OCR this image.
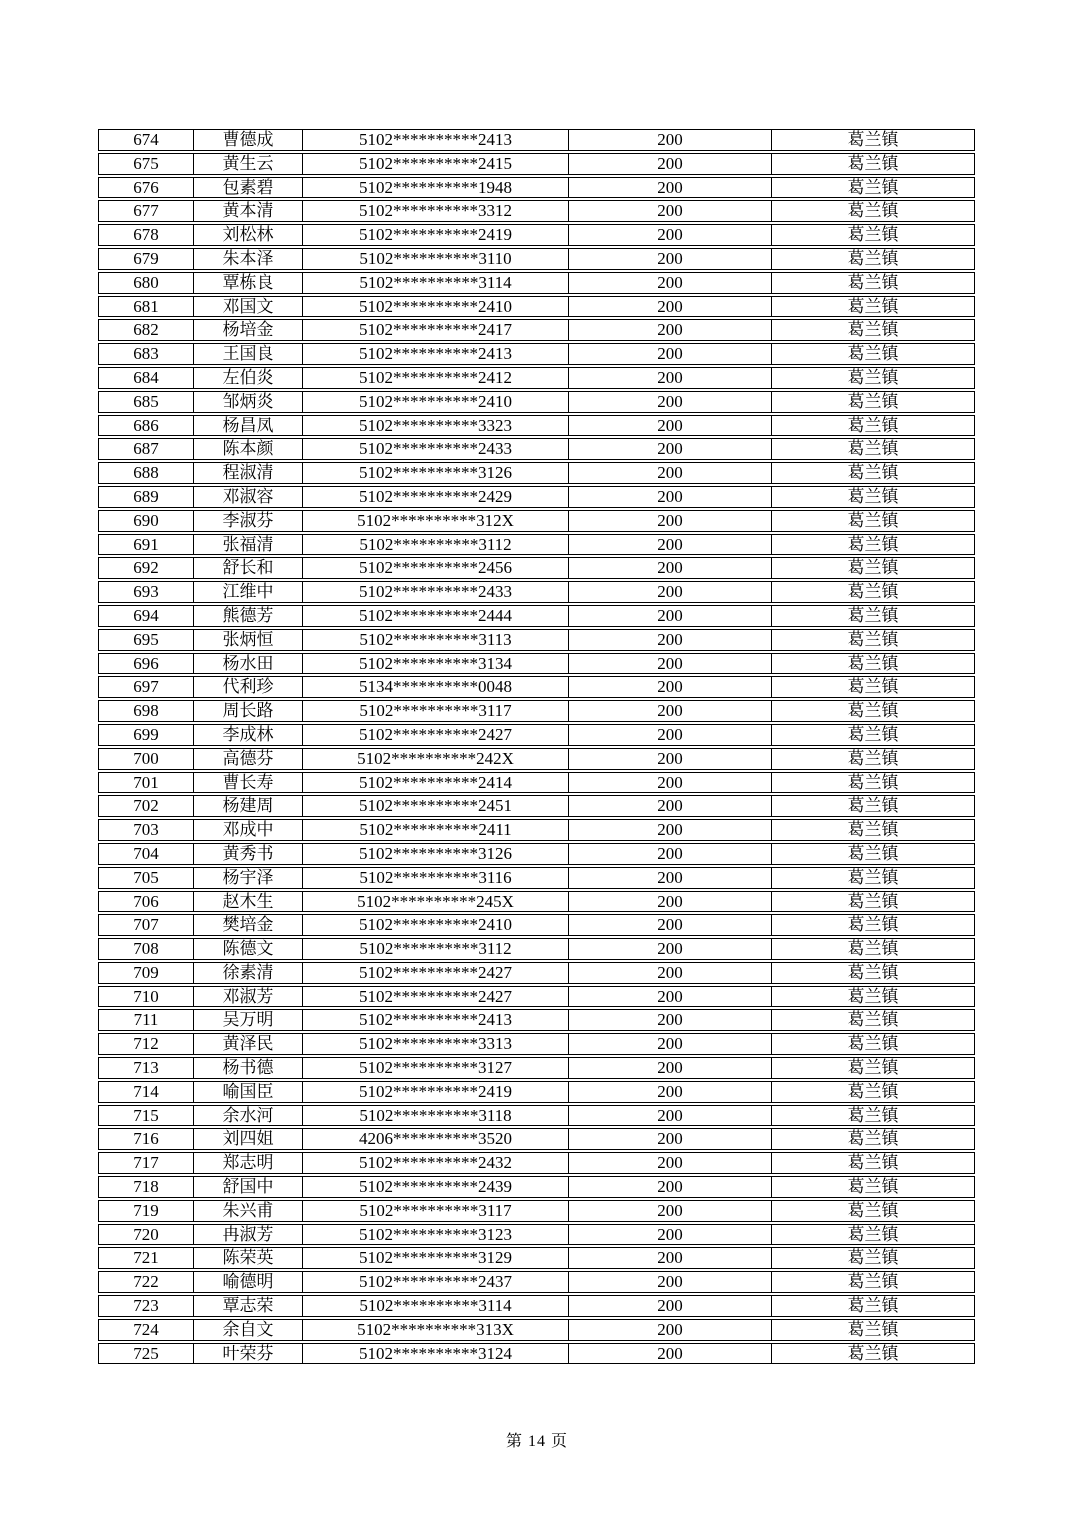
674	曹德成	5102**********2413	200	葛兰镇
675	黄生云	5102**********2415	200	葛兰镇
676	包素碧	5102**********1948	200	葛兰镇
677	黄本清	5102**********3312	200	葛兰镇
678	刘松林	5102**********2419	200	葛兰镇
679	朱本泽	5102**********3110	200	葛兰镇
680	覃栋良	5102**********3114	200	葛兰镇
681	邓国文	5102**********2410	200	葛兰镇
682	杨培金	5102**********2417	200	葛兰镇
683	王国良	5102**********2413	200	葛兰镇
684	左伯炎	5102**********2412	200	葛兰镇
685	邹炳炎	5102**********2410	200	葛兰镇
686	杨昌凤	5102**********3323	200	葛兰镇
687	陈本颜	5102**********2433	200	葛兰镇
688	程淑清	5102**********3126	200	葛兰镇
689	邓淑容	5102**********2429	200	葛兰镇
690	李淑芬	5102**********312X	200	葛兰镇
691	张福清	5102**********3112	200	葛兰镇
692	舒长和	5102**********2456	200	葛兰镇
693	江维中	5102**********2433	200	葛兰镇
694	熊德芳	5102**********2444	200	葛兰镇
695	张炳恒	5102**********3113	200	葛兰镇
696	杨水田	5102**********3134	200	葛兰镇
697	代利珍	5134**********0048	200	葛兰镇
698	周长路	5102**********3117	200	葛兰镇
699	李成林	5102**********2427	200	葛兰镇
700	高德芬	5102**********242X	200	葛兰镇
701	曹长寿	5102**********2414	200	葛兰镇
702	杨建周	5102**********2451	200	葛兰镇
703	邓成中	5102**********2411	200	葛兰镇
704	黄秀书	5102**********3126	200	葛兰镇
705	杨宇泽	5102**********3116	200	葛兰镇
706	赵木生	5102**********245X	200	葛兰镇
707	樊培金	5102**********2410	200	葛兰镇
708	陈德文	5102**********3112	200	葛兰镇
709	徐素清	5102**********2427	200	葛兰镇
710	邓淑芳	5102**********2427	200	葛兰镇
711	吴万明	5102**********2413	200	葛兰镇
712	黄泽民	5102**********3313	200	葛兰镇
713	杨书德	5102**********3127	200	葛兰镇
714	喻国臣	5102**********2419	200	葛兰镇
715	余水河	5102**********3118	200	葛兰镇
716	刘四姐	4206**********3520	200	葛兰镇
717	郑志明	5102**********2432	200	葛兰镇
718	舒国中	5102**********2439	200	葛兰镇
719	朱兴甫	5102**********3117	200	葛兰镇
720	冉淑芳	5102**********3123	200	葛兰镇
721	陈荣英	5102**********3129	200	葛兰镇
722	喻德明	5102**********2437	200	葛兰镇
723	覃志荣	5102**********3114	200	葛兰镇
724	余自文	5102**********313X	200	葛兰镇
725	叶荣芬	5102**********3124	200	葛兰镇
第 14 页
